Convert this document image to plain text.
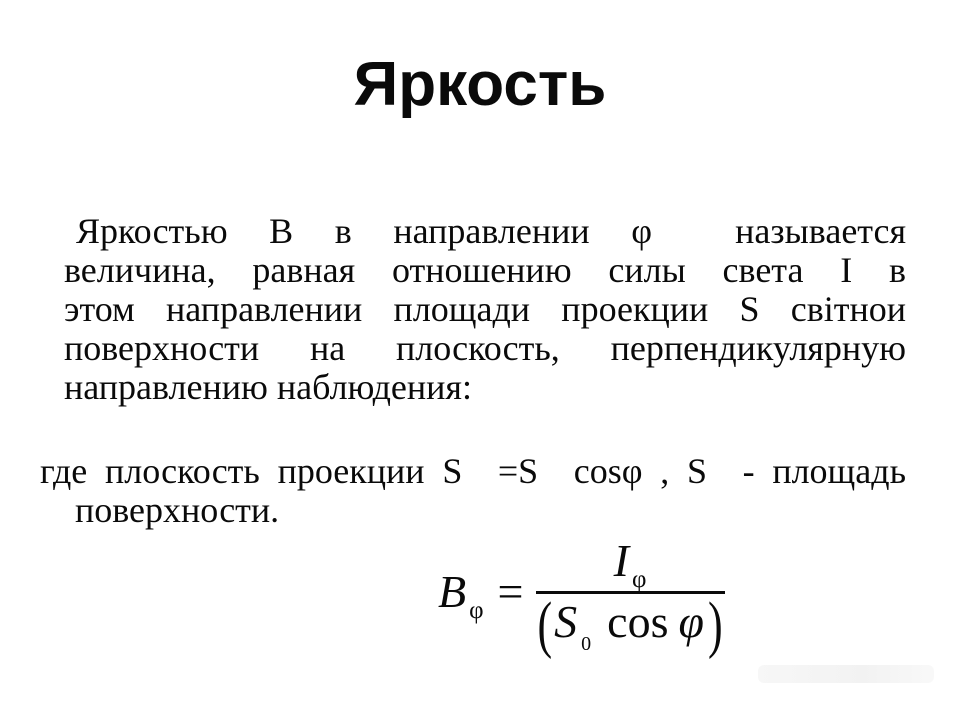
Яркость
Яркостью В в направлении φ  называется
величина, равная отношению силы света I в
этом направлении площади проекции S свiтнои
поверхности на плоскость, перпендикулярную
направлению наблюдения:
где плоскость проекции S  =S  cosφ , S  - площадь
поверхности.
B $_\varphi = \frac{I _\varphi}{(S _0 \cos \varphi)}$
